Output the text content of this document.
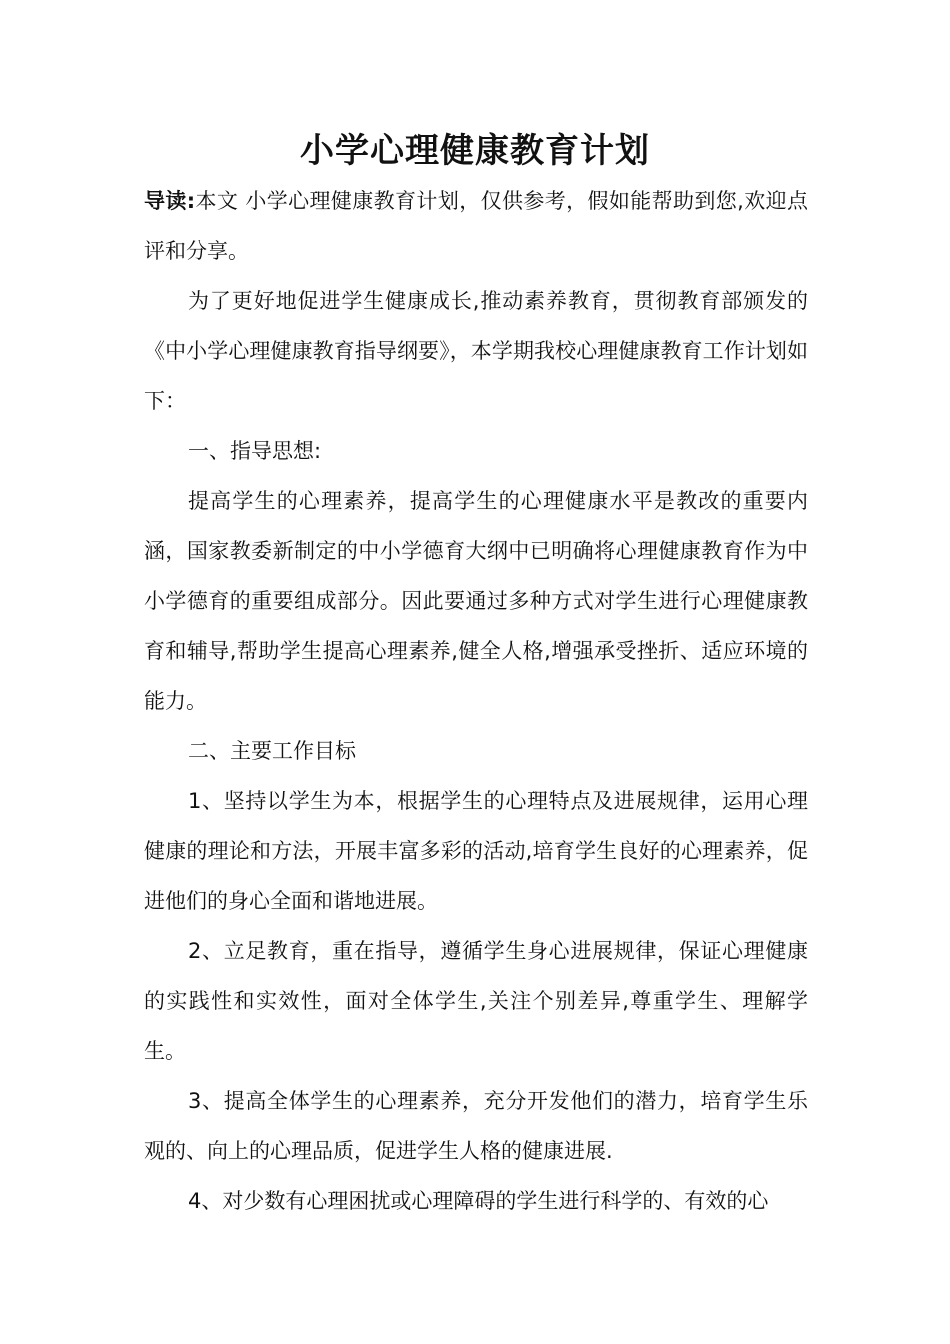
小学心理健康教育计划

导读:本文 小学心理健康教育计划，仅供参考，假如能帮助到您,欢迎点评和分享。

为了更好地促进学生健康成长,推动素养教育，贯彻教育部颁发的《中小学心理健康教育指导纲要》，本学期我校心理健康教育工作计划如下：

一、指导思想:

提高学生的心理素养，提高学生的心理健康水平是教改的重要内涵，国家教委新制定的中小学德育大纲中已明确将心理健康教育作为中小学德育的重要组成部分。因此要通过多种方式对学生进行心理健康教育和辅导,帮助学生提高心理素养,健全人格,增强承受挫折、适应环境的能力。

二、主要工作目标

1、坚持以学生为本，根据学生的心理特点及进展规律，运用心理健康的理论和方法，开展丰富多彩的活动,培育学生良好的心理素养，促进他们的身心全面和谐地进展。

2、立足教育，重在指导，遵循学生身心进展规律，保证心理健康的实践性和实效性，面对全体学生,关注个别差异,尊重学生、理解学生。

3、提高全体学生的心理素养，充分开发他们的潜力，培育学生乐观的、向上的心理品质，促进学生人格的健康进展.

4、对少数有心理困扰或心理障碍的学生进行科学的、有效的心
